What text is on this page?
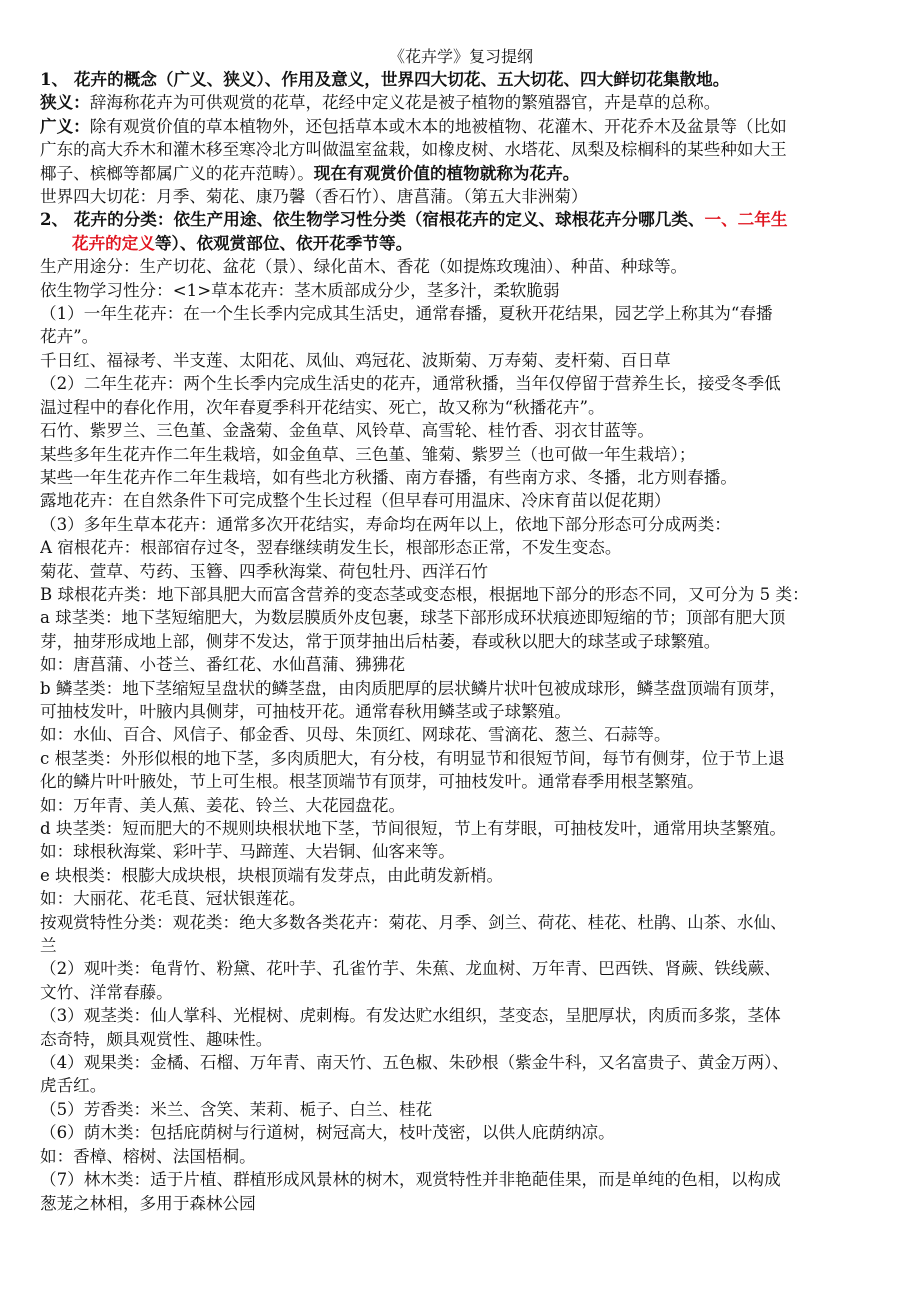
《花卉学》复习提纲
1、 花卉的概念（广义、狭义）、作用及意义，世界四大切花、五大切花、四大鲜切花集散地。
狭义：辞海称花卉为可供观赏的花草，花经中定义花是被子植物的繁殖器官，卉是草的总称。
广义：除有观赏价值的草本植物外，还包括草本或木本的地被植物、花灌木、开花乔木及盆景等（比如
广东的高大乔木和灌木移至寒冷北方叫做温室盆栽，如橡皮树、水塔花、凤梨及棕榈科的某些种如大王
椰子、槟榔等都属广义的花卉范畴）。现在有观赏价值的植物就称为花卉。
世界四大切花：月季、菊花、康乃馨（香石竹）、唐菖蒲。（第五大非洲菊）
2、 花卉的分类：依生产用途、依生物学习性分类（宿根花卉的定义、球根花卉分哪几类、一、二年生
花卉的定义等）、依观赏部位、依开花季节等。
生产用途分：生产切花、盆花（景）、绿化苗木、香花（如提炼玫瑰油）、种苗、种球等。
依生物学习性分：<1>草本花卉：茎木质部成分少，茎多汁，柔软脆弱
（1）一年生花卉：在一个生长季内完成其生活史，通常春播，夏秋开花结果，园艺学上称其为“春播
花卉”。
千日红、福禄考、半支莲、太阳花、凤仙、鸡冠花、波斯菊、万寿菊、麦杆菊、百日草
（2）二年生花卉：两个生长季内完成生活史的花卉，通常秋播，当年仅停留于营养生长，接受冬季低
温过程中的春化作用，次年春夏季科开花结实、死亡，故又称为“秋播花卉”。
石竹、紫罗兰、三色堇、金盏菊、金鱼草、风铃草、高雪轮、桂竹香、羽衣甘蓝等。
某些多年生花卉作二年生栽培，如金鱼草、三色堇、雏菊、紫罗兰（也可做一年生栽培）；
某些一年生花卉作二年生栽培，如有些北方秋播、南方春播，有些南方求、冬播，北方则春播。
露地花卉：在自然条件下可完成整个生长过程（但早春可用温床、冷床育苗以促花期）
（3）多年生草本花卉：通常多次开花结实，寿命均在两年以上，依地下部分形态可分成两类：
A 宿根花卉：根部宿存过冬，翌春继续萌发生长，根部形态正常，不发生变态。
菊花、萱草、芍药、玉簪、四季秋海棠、荷包牡丹、西洋石竹
B 球根花卉类：地下部具肥大而富含营养的变态茎或变态根，根据地下部分的形态不同，又可分为 5 类：
a 球茎类：地下茎短缩肥大，为数层膜质外皮包裹，球茎下部形成环状痕迹即短缩的节；顶部有肥大顶
芽，抽芽形成地上部，侧芽不发达，常于顶芽抽出后枯萎，春或秋以肥大的球茎或子球繁殖。
如：唐菖蒲、小苍兰、番红花、水仙菖蒲、狒狒花
b 鳞茎类：地下茎缩短呈盘状的鳞茎盘，由肉质肥厚的层状鳞片状叶包被成球形，鳞茎盘顶端有顶芽，
可抽枝发叶，叶腋内具侧芽，可抽枝开花。通常春秋用鳞茎或子球繁殖。
如：水仙、百合、风信子、郁金香、贝母、朱顶红、网球花、雪滴花、葱兰、石蒜等。
c 根茎类：外形似根的地下茎，多肉质肥大，有分枝，有明显节和很短节间，每节有侧芽，位于节上退
化的鳞片叶叶腋处，节上可生根。根茎顶端节有顶芽，可抽枝发叶。通常春季用根茎繁殖。
如：万年青、美人蕉、姜花、铃兰、大花园盘花。
d 块茎类：短而肥大的不规则块根状地下茎，节间很短，节上有芽眼，可抽枝发叶，通常用块茎繁殖。
如：球根秋海棠、彩叶芋、马蹄莲、大岩铜、仙客来等。
e 块根类：根膨大成块根，块根顶端有发芽点，由此萌发新梢。
如：大丽花、花毛茛、冠状银莲花。
按观赏特性分类：观花类：绝大多数各类花卉：菊花、月季、剑兰、荷花、桂花、杜鹃、山茶、水仙、
兰
（2）观叶类：龟背竹、粉黛、花叶芋、孔雀竹芋、朱蕉、龙血树、万年青、巴西铁、肾蕨、铁线蕨、
文竹、洋常春藤。
（3）观茎类：仙人掌科、光棍树、虎刺梅。有发达贮水组织，茎变态，呈肥厚状，肉质而多浆，茎体
态奇特，颇具观赏性、趣味性。
（4）观果类：金橘、石榴、万年青、南天竹、五色椒、朱砂根（紫金牛科，又名富贵子、黄金万两）、
虎舌红。
（5）芳香类：米兰、含笑、茉莉、栀子、白兰、桂花
（6）荫木类：包括庇荫树与行道树，树冠高大，枝叶茂密，以供人庇荫纳凉。
如：香樟、榕树、法国梧桐。
（7）林木类：适于片植、群植形成风景林的树木，观赏特性并非艳葩佳果，而是单纯的色相，以构成
葱茏之林相，多用于森林公园
